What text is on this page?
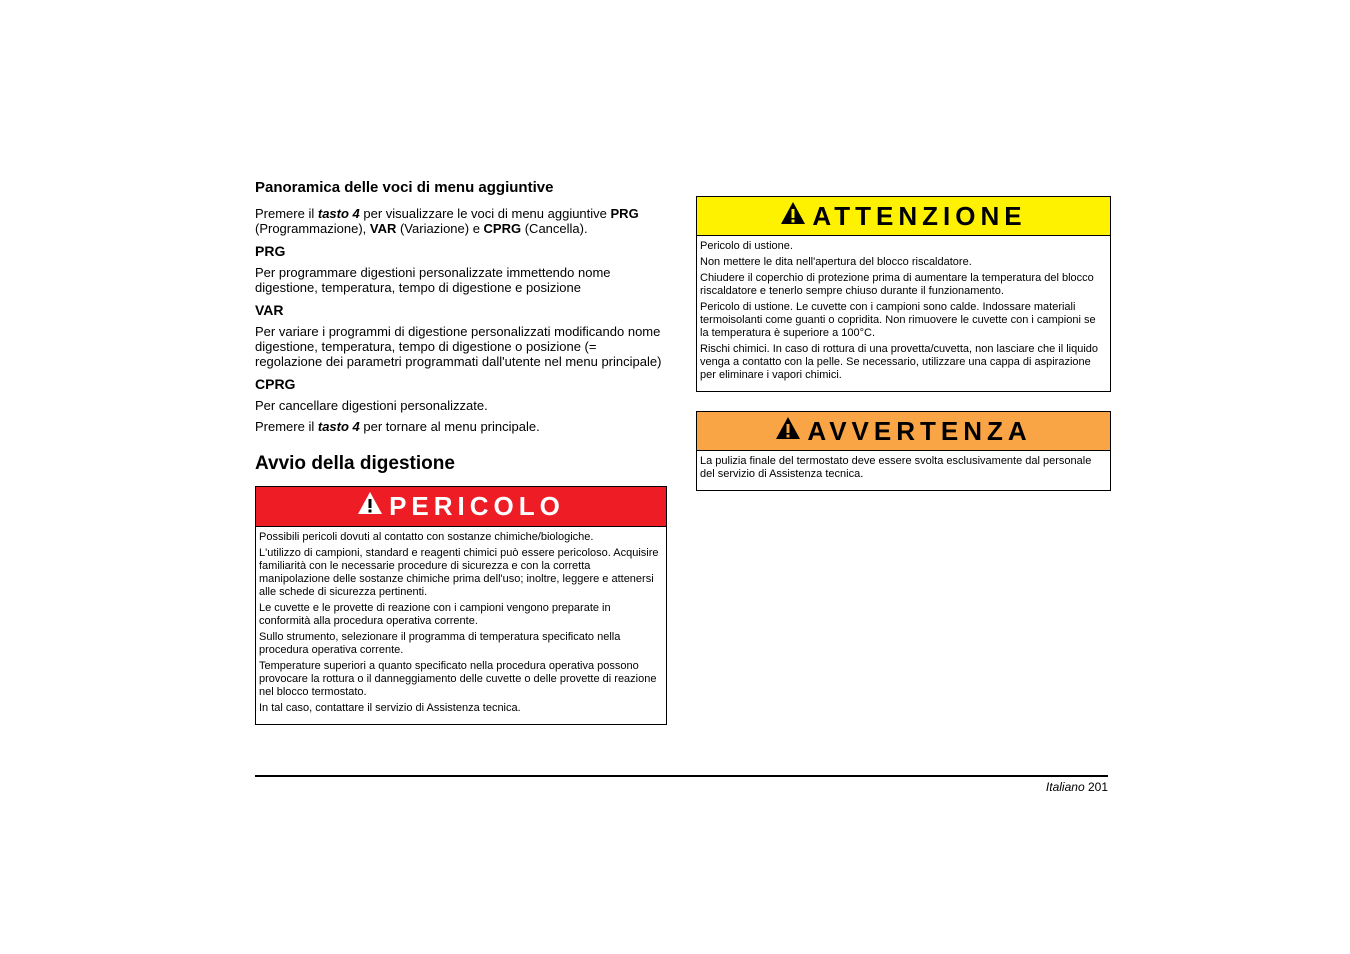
Panoramica delle voci di menu aggiuntive

Premere il tasto 4 per visualizzare le voci di menu aggiuntive PRG (Programmazione), VAR (Variazione) e CPRG (Cancella).

PRG

Per programmare digestioni personalizzate immettendo nome digestione, temperatura, tempo di digestione e posizione

VAR

Per variare i programmi di digestione personalizzati modificando nome digestione, temperatura, tempo di digestione o posizione (= regolazione dei parametri programmati dall'utente nel menu principale)

CPRG

Per cancellare digestioni personalizzate.

Premere il tasto 4 per tornare al menu principale.

Avvio della digestione
PERICOLO

Possibili pericoli dovuti al contatto con sostanze chimiche/biologiche.

L'utilizzo di campioni, standard e reagenti chimici può essere pericoloso. Acquisire familiarità con le necessarie procedure di sicurezza e con la corretta manipolazione delle sostanze chimiche prima dell'uso; inoltre, leggere e attenersi alle schede di sicurezza pertinenti.

Le cuvette e le provette di reazione con i campioni vengono preparate in conformità alla procedura operativa corrente.

Sullo strumento, selezionare il programma di temperatura specificato nella procedura operativa corrente.

Temperature superiori a quanto specificato nella procedura operativa possono provocare la rottura o il danneggiamento delle cuvette o delle provette di reazione nel blocco termostato.

In tal caso, contattare il servizio di Assistenza tecnica.

ATTENZIONE

Pericolo di ustione.

Non mettere le dita nell'apertura del blocco riscaldatore.

Chiudere il coperchio di protezione prima di aumentare la temperatura del blocco riscaldatore e tenerlo sempre chiuso durante il funzionamento.

Pericolo di ustione. Le cuvette con i campioni sono calde. Indossare materiali termoisolanti come guanti o copridita. Non rimuovere le cuvette con i campioni se la temperatura è superiore a 100°C.

Rischi chimici. In caso di rottura di una provetta/cuvetta, non lasciare che il liquido venga a contatto con la pelle. Se necessario, utilizzare una cappa di aspirazione per eliminare i vapori chimici.

AVVERTENZA

La pulizia finale del termostato deve essere svolta esclusivamente dal personale del servizio di Assistenza tecnica.

Italiano 201
